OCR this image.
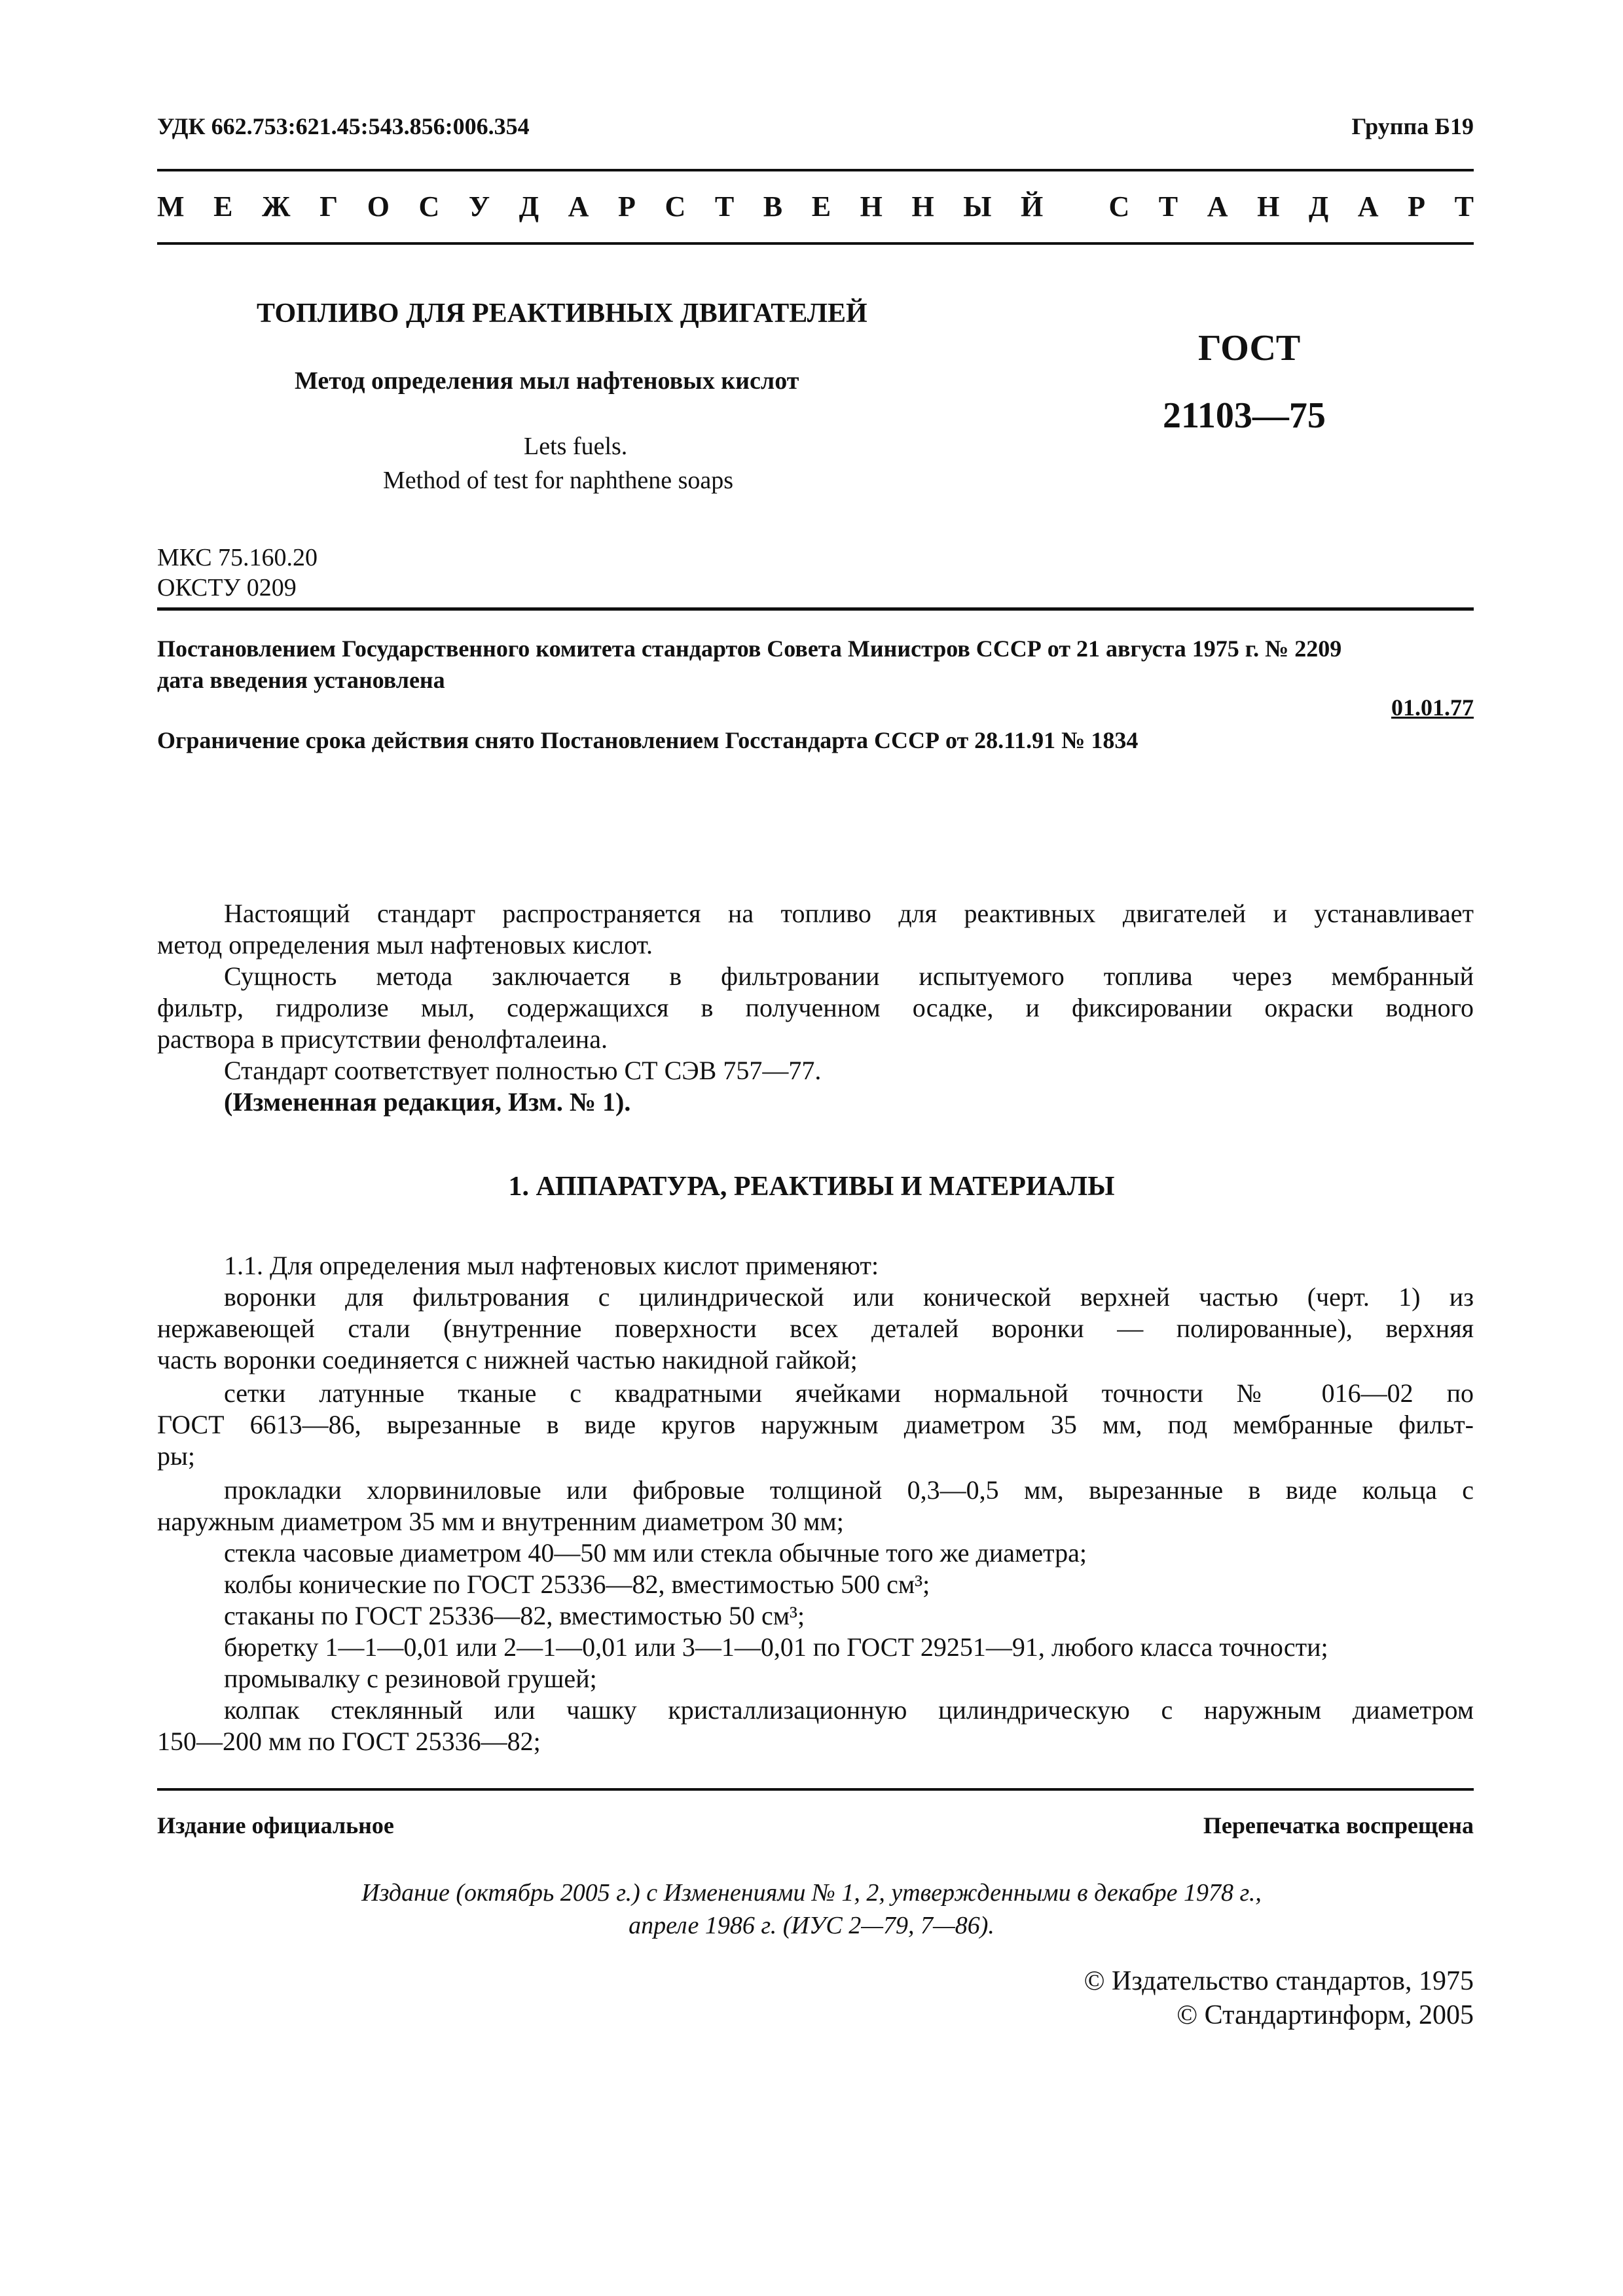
УДК 662.753:621.45:543.856:006.354	Группа Б19
М Е Ж Г О С У Д А Р С Т В Е Н Н Ы Й
С Т А Н Д А Р Т
ТОПЛИВО ДЛЯ РЕАКТИВНЫХ ДВИГАТЕЛЕЙ
Метод определения мыл нафтеновых кислот
Lets fuels.
Method of test for naphthene soaps
ГОСТ
21103—75
МКС 75.160.20
ОКСТУ 0209
Постановлением Государственного комитета стандартов Совета Министров СССР от 21 августа 1975 г. № 2209
дата введения установлена
01.01.77
Ограничение срока действия снято Постановлением Госстандарта СССР от 28.11.91 № 1834
Настоящий стандарт распространяется на топливо для реактивных двигателей и устанавливает
метод определения мыл нафтеновых кислот.
Сущность метода заключается в фильтровании испытуемого топлива через мембранный
фильтр, гидролизе мыл, содержащихся в полученном осадке, и фиксировании окраски водного
раствора в присутствии фенолфталеина.
Стандарт соответствует полностью СТ СЭВ 757—77.
(Измененная редакция, Изм. № 1).
1. АППАРАТУРА, РЕАКТИВЫ И МАТЕРИАЛЫ
1.1. Для определения мыл нафтеновых кислот применяют:
воронки для фильтрования с цилиндрической или конической верхней частью (черт. 1) из
нержавеющей стали (внутренние поверхности всех деталей воронки — полированные), верхняя
часть воронки соединяется с нижней частью накидной гайкой;
сетки латунные тканые с квадратными ячейками нормальной точности № 016—02 по
ГОСТ 6613—86, вырезанные в виде кругов наружным диаметром 35 мм, под мембранные фильт-
ры;
прокладки хлорвиниловые или фибровые толщиной 0,3—0,5 мм, вырезанные в виде кольца с
наружным диаметром 35 мм и внутренним диаметром 30 мм;
стекла часовые диаметром 40—50 мм или стекла обычные того же диаметра;
колбы конические по ГОСТ 25336—82, вместимостью 500 см³;
стаканы по ГОСТ 25336—82, вместимостью 50 см³;
бюретку 1—1—0,01 или 2—1—0,01 или 3—1—0,01 по ГОСТ 29251—91, любого класса точности;
промывалку с резиновой грушей;
колпак стеклянный или чашку кристаллизационную цилиндрическую с наружным диаметром
150—200 мм по ГОСТ 25336—82;
Издание официальное	Перепечатка воспрещена
Издание (октябрь 2005 г.) с Изменениями № 1, 2, утвержденными в декабре 1978 г.,
апреле 1986 г. (ИУС 2—79, 7—86).
© Издательство стандартов, 1975
© Стандартинформ, 2005
